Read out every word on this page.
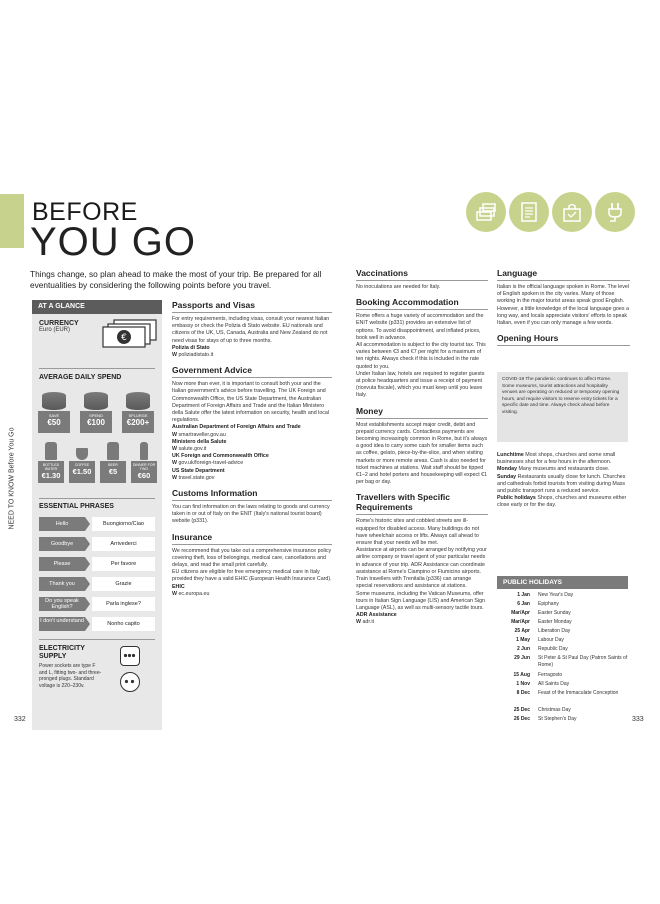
NEED TO KNOW Before You Go
BEFORE
YOU GO
Things change, so plan ahead to make the most of your trip. Be prepared for all eventualities by considering the following points before you travel.
AT A GLANCE
CURRENCY
Euro (EUR)
€
AVERAGE DAILY SPEND
SAVE
€50
SPEND
€100
SPLURGE
€200+
BOTTLED WATER
€1.30
COFFEE
€1.50
BEER
€5
DINNER FOR TWO
€60
ESSENTIAL PHRASES
Hello	Buongiorno/Ciao
Goodbye	Arrivederci
Please	Per favore
Thank you	Grazie
Do you speak English?	Parla inglese?
I don't understand	Nonho capito
ELECTRICITY SUPPLY
Power sockets are type F and L, fitting two- and three-pronged plugs. Standard voltage is 220–230v.
Passports and Visas

For entry requirements, including visas, consult your nearest Italian embassy or check the Polizia di Stato website. EU nationals and citizens of the UK, US, Canada, Australia and New Zealand do not need visas for stays of up to three months.

Polizia di Stato

W poliziadistato.it

Government Advice

Now more than ever, it is important to consult both your and the Italian government's advice before travelling. The UK Foreign and Commonwealth Office, the US State Department, the Australian Department of Foreign Affairs and Trade and the Italian Ministero della Salute offer the latest information on security, health and local regulations.

Australian Department of Foreign Affairs and Trade

W smartraveller.gov.au

Ministero della Salute

W salute.gov.it

UK Foreign and Commonwealth Office

W gov.uk/foreign-travel-advice

US State Department

W travel.state.gov

Customs Information

You can find information on the laws relating to goods and currency taken in or out of Italy on the ENIT (Italy's national tourist board) website (p331).

Insurance

We recommend that you take out a comprehensive insurance policy covering theft, loss of belongings, medical care, cancellations and delays, and read the small print carefully.

EU citizens are eligible for free emergency medical care in Italy provided they have a valid EHIC (European Health Insurance Card).

EHIC

W ec.europa.eu

Vaccinations

No inoculations are needed for Italy.

Booking Accommodation

Rome offers a huge variety of accommodation and the ENIT website (p331) provides an extensive list of options. To avoid disappointment, and inflated prices, book well in advance.

All accommodation is subject to the city tourist tax. This varies between €3 and €7 per night for a maximum of ten nights. Always check if this is included in the rate quoted to you.

Under Italian law, hotels are required to register guests at police headquarters and issue a receipt of payment (ricevuta fiscale), which you must keep until you leave Italy.

Money

Most establishments accept major credit, debit and prepaid currency cards. Contactless payments are becoming increasingly common in Rome, but it's always a good idea to carry some cash for smaller items such as coffee, gelato, piece-by-the-slice, and when visiting markets or more remote areas. Cash is also needed for ticket machines at stations. Wait staff should be tipped €1–2 and hotel porters and housekeeping will expect €1 per bag or day.

Travellers with Specific Requirements

Rome's historic sites and cobbled streets are ill-equipped for disabled access. Many buildings do not have wheelchair access or lifts. Always call ahead to ensure that your needs will be met.

Assistance at airports can be arranged by notifying your airline company or travel agent of your particular needs in advance of your trip. ADR Assistance can coordinate assistance at Rome's Ciampino or Fiumicino airports. Train travellers with Trenitalia (p336) can arrange special reservations and assistance at stations.

Some museums, including the Vatican Museums, offer tours in Italian Sign Language (LIS) and American Sign Language (ASL), as well as multi-sensory tactile tours.

ADR Assistance

W adr.it

Language

Italian is the official language spoken in Rome. The level of English spoken in the city varies. Many of those working in the major tourist areas speak good English. However, a little knowledge of the local language goes a long way, and locals appreciate visitors' efforts to speak Italian, even if you can only manage a few words.

Opening Hours
COVID-19 The pandemic continues to affect Rome. Some museums, tourist attractions and hospitality venues are operating on reduced or temporary opening hours, and require visitors to reserve entry tickets for a specific date and time. Always check ahead before visiting.

Lunchtime Most shops, churches and some small businesses shut for a few hours in the afternoon.

Monday Many museums and restaurants close.

Sunday Restaurants usually close for lunch. Churches and cathedrals forbid tourists from visiting during Mass and public transport runs a reduced service.

Public holidays Shops, churches and museums either close early or for the day.

PUBLIC HOLIDAYS
1 Jan New Year's Day
6 Jan Epiphany
Mar/Apr Easter Sunday
Mar/Apr Easter Monday
25 Apr Liberation Day
1 May Labour Day
2 Jun Republic Day
29 Jun St Peter & St Paul Day (Patron Saints of Rome)
15 Aug Ferragosto
1 Nov All Saints Day
8 Dec Feast of the Immaculate Conception
25 Dec Christmas Day
26 Dec St Stephen's Day
332	333
